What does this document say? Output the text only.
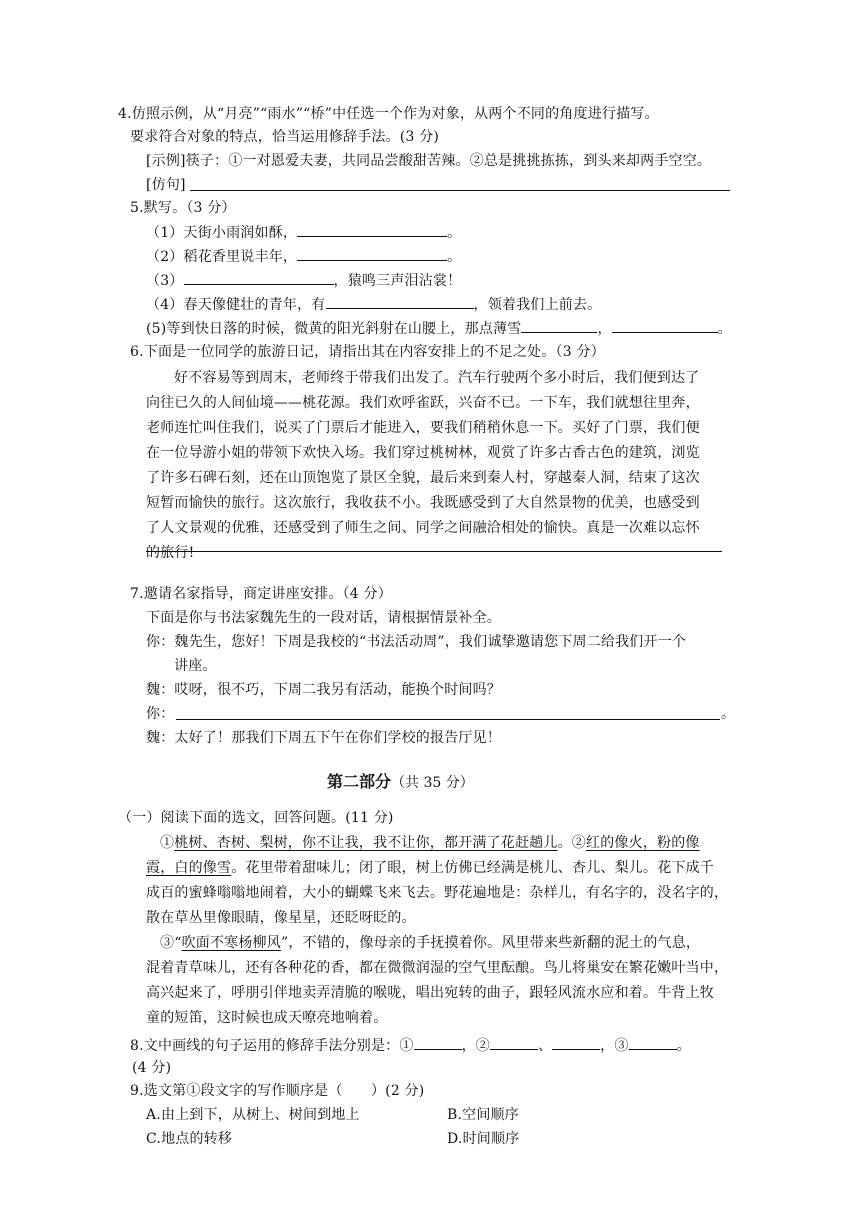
4.仿照示例，从“月亮”“雨水”“桥”中任选一个作为对象，从两个不同的角度进行描写。
要求符合对象的特点，恰当运用修辞手法。(3 分)
[示例]筷子：①一对恩爱夫妻，共同品尝酸甜苦辣。②总是挑挑拣拣，到头来却两手空空。
[仿句]
5.默写。（3 分）
（1）天街小雨润如酥，	。
（2）稻花香里说丰年，	。
（3）	，猿鸣三声泪沾裳！
（4）春天像健壮的青年，有	，领着我们上前去。
(5)等到快日落的时候，微黄的阳光斜射在山腰上，那点薄雪	，	。
6.下面是一位同学的旅游日记，请指出其在内容安排上的不足之处。（3 分）
好不容易等到周末，老师终于带我们出发了。汽车行驶两个多小时后，我们便到达了
向往已久的人间仙境——桃花源。我们欢呼雀跃，兴奋不已。一下车，我们就想往里奔，
老师连忙叫住我们，说买了门票后才能进入，要我们稍稍休息一下。买好了门票，我们便
在一位导游小姐的带领下欢快入场。我们穿过桃树林，观赏了许多古香古色的建筑，浏览
了许多石碑石刻，还在山顶饱览了景区全貌，最后来到秦人村，穿越秦人洞，结束了这次
短暂而愉快的旅行。这次旅行，我收获不小。我既感受到了大自然景物的优美，也感受到
了人文景观的优雅，还感受到了师生之间、同学之间融洽相处的愉快。真是一次难以忘怀
的旅行!
7.邀请名家指导，商定讲座安排。（4 分）
下面是你与书法家魏先生的一段对话，请根据情景补全。
你：魏先生，您好！下周是我校的“书法活动周”，我们诚挚邀请您下周二给我们开一个
讲座。
魏：哎呀，很不巧，下周二我另有活动，能换个时间吗？
你：	。
魏：太好了！那我们下周五下午在你们学校的报告厅见！
第二部分（共 35 分）
（一）阅读下面的选文，回答问题。(11 分)
①桃树、杏树、梨树，你不让我，我不让你，都开满了花赶趟儿。②红的像火，粉的像
霞，白的像雪。花里带着甜味儿；闭了眼，树上仿佛已经满是桃儿、杏儿、梨儿。花下成千
成百的蜜蜂嗡嗡地闹着，大小的蝴蝶飞来飞去。野花遍地是：杂样儿，有名字的，没名字的，
散在草丛里像眼睛，像星星，还眨呀眨的。
③“吹面不寒杨柳风”，不错的，像母亲的手抚摸着你。风里带来些新翻的泥土的气息，
混着青草味儿，还有各种花的香，都在微微润湿的空气里酝酿。鸟儿将巢安在繁花嫩叶当中，
高兴起来了，呼朋引伴地卖弄清脆的喉咙，唱出宛转的曲子，跟轻风流水应和着。牛背上牧
童的短笛，这时候也成天嘹亮地响着。
8.文中画线的句子运用的修辞手法分别是：①	，②	、	，③	。
(4 分)
9.选文第①段文字的写作顺序是（　　）(2 分)
A.由上到下，从树上、树间到地上	B.空间顺序
C.地点的转移	D.时间顺序
